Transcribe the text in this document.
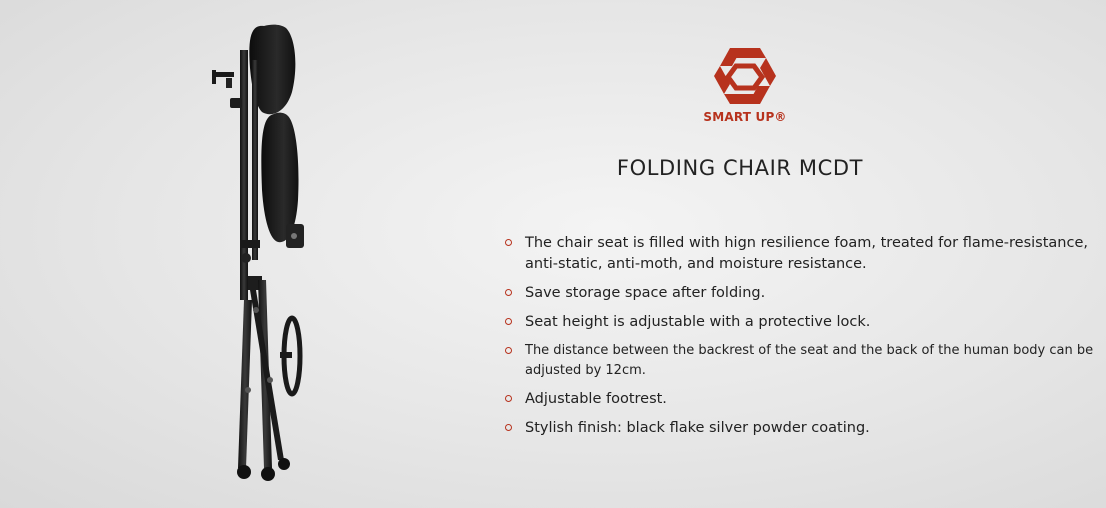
SMART UP®
FOLDING CHAIR MCDT
The chair seat is filled with hign resilience foam, treated for flame-resistance, anti-static, anti-moth, and moisture resistance.
Save storage space after folding.
Seat height is adjustable with a protective lock.
The distance between the backrest of the seat and the back of the human body can be adjusted by 12cm.
Adjustable footrest.
Stylish finish: black flake silver powder coating.
